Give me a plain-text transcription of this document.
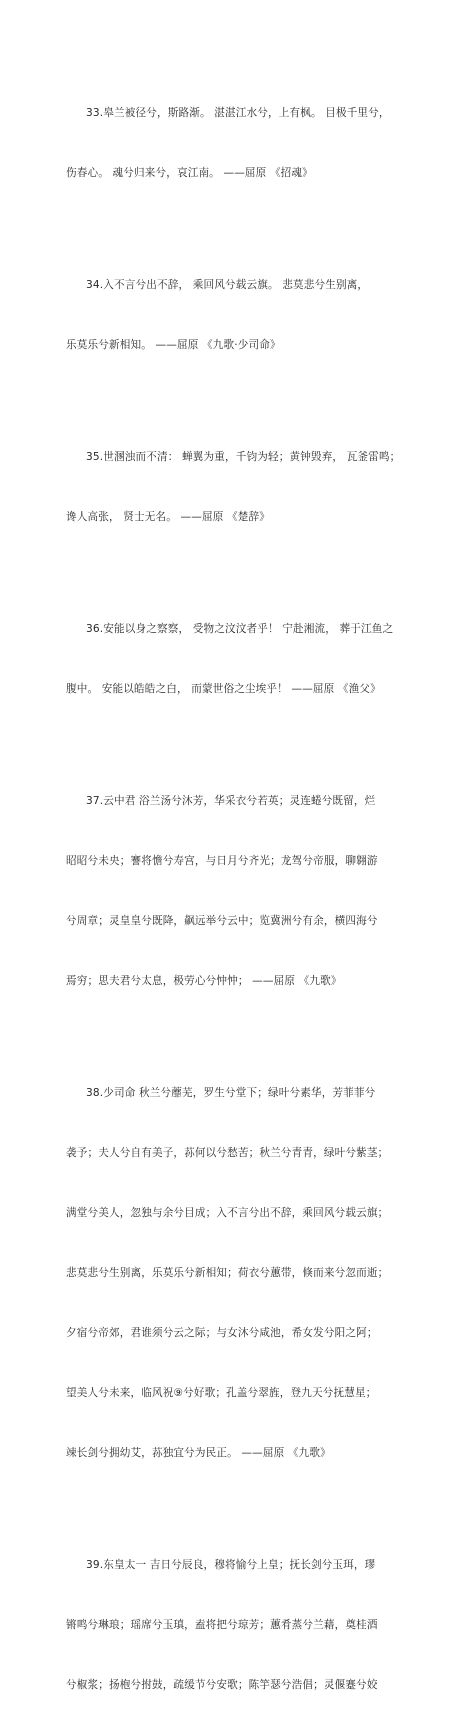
33.皋兰被径兮，斯路渐。 湛湛江水兮，上有枫。 目极千里兮，

伤春心。 魂兮归来兮，哀江南。 ——屈原 《招魂》

34.入不言兮出不辞， 乘回风兮载云旗。 悲莫悲兮生别离，

乐莫乐兮新相知。 ——屈原 《九歌·少司命》

35.世溷浊而不清： 蝉翼为重，千钧为轻；黄钟毁弃， 瓦釜雷鸣；

谗人高张， 贤士无名。 ——屈原 《楚辞》

36.安能以身之察察， 受物之汶汶者乎！ 宁赴湘流， 葬于江鱼之

腹中。 安能以皓皓之白， 而蒙世俗之尘埃乎！ ——屈原 《渔父》

37.云中君 浴兰汤兮沐芳，华采衣兮若英；灵连蜷兮既留，烂

昭昭兮未央；謇将憺兮寿宫，与日月兮齐光；龙驾兮帝服，聊翱游

兮周章；灵皇皇兮既降，飙远举兮云中；览冀洲兮有余，横四海兮

焉穷；思夫君兮太息，极劳心兮忡忡； ——屈原 《九歌》

38.少司命 秋兰兮蘼芜，罗生兮堂下；绿叶兮素华，芳菲菲兮

袭予；夫人兮自有美子，荪何以兮愁苦；秋兰兮青青，绿叶兮紫茎；

满堂兮美人，忽独与余兮目成；入不言兮出不辞，乘回风兮载云旗；

悲莫悲兮生别离，乐莫乐兮新相知；荷衣兮蕙带，倏而来兮忽而逝；

夕宿兮帝郊，君谁须兮云之际；与女沐兮咸池，希女发兮阳之阿；

望美人兮未来，临风祝⑨兮好歌；孔盖兮翠旌，登九天兮抚慧星；

竦长剑兮拥幼艾，荪独宜兮为民正。 ——屈原 《九歌》

39.东皇太一 吉日兮辰良，穆将愉兮上皇；抚长剑兮玉珥，璆

锵鸣兮琳琅；瑶席兮玉瑱，盍将把兮琼芳；蕙肴蒸兮兰藉，奠桂酒

兮椒浆；扬枹兮拊鼓，疏缓节兮安歌；陈竽瑟兮浩倡；灵偃蹇兮姣
